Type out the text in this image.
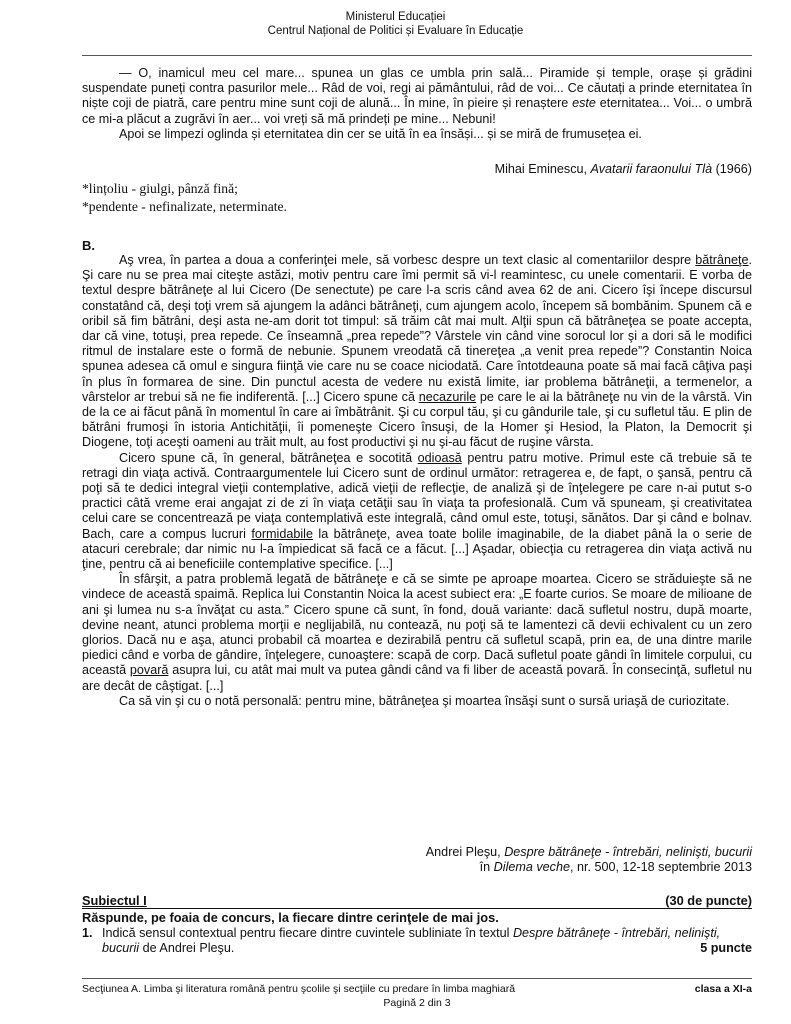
Ministerul Educației
Centrul Național de Politici și Evaluare în Educație

— O, inamicul meu cel mare... spunea un glas ce umbla prin sală... Piramide și temple, orașe și grădini suspendate puneți contra pasurilor mele... Râd de voi, regi ai pământului, râd de voi... Ce căutați a prinde eternitatea în niște coji de piatră, care pentru mine sunt coji de alună... În mine, în pieire și renaștere este eternitatea... Voi... o umbră ce mi-a plăcut a zugrăvi în aer... voi vreți să mă prindeți pe mine... Nebuni!

Apoi se limpezi oglinda și eternitatea din cer se uită în ea însăși... și se miră de frumusețea ei.

Mihai Eminescu, Avatarii faraonului Tlà (1966)
*lințoliu - giulgi, pânză fină;
*pendente - nefinalizate, neterminate.
B.

Aş vrea, în partea a doua a conferinţei mele, să vorbesc despre un text clasic al comentariilor despre bătrâneţe. Şi care nu se prea mai citeşte astăzi, motiv pentru care îmi permit să vi-l reamintesc, cu unele comentarii. E vorba de textul despre bătrâneţe al lui Cicero (De senectute) pe care l-a scris când avea 62 de ani. Cicero îşi începe discursul constatând că, deşi toţi vrem să ajungem la adânci bătrâneţi, cum ajungem acolo, începem să bombănim. Spunem că e oribil să fim bătrâni, deşi asta ne-am dorit tot timpul: să trăim cât mai mult. Alţii spun că bătrâneţea se poate accepta, dar că vine, totuşi, prea repede. Ce înseamnă „prea repede”? Vârstele vin când vine sorocul lor şi a dori să le modifici ritmul de instalare este o formă de nebunie. Spunem vreodată că tinereţea „a venit prea repede”? Constantin Noica spunea adesea că omul e singura fiinţă vie care nu se coace niciodată. Care întotdeauna poate să mai facă câţiva paşi în plus în formarea de sine. Din punctul acesta de vedere nu există limite, iar problema bătrâneţii, a termenelor, a vârstelor ar trebui să ne fie indiferentă. [...] Cicero spune că necazurile pe care le ai la bătrâneţe nu vin de la vârstă. Vin de la ce ai făcut până în momentul în care ai îmbătrânit. Şi cu corpul tău, şi cu gândurile tale, şi cu sufletul tău. E plin de bătrâni frumoşi în istoria Antichităţii, îi pomeneşte Cicero însuşi, de la Homer şi Hesiod, la Platon, la Democrit şi Diogene, toţi aceşti oameni au trăit mult, au fost productivi şi nu şi-au făcut de ruşine vârsta.

Cicero spune că, în general, bătrâneţea e socotită odioasă pentru patru motive. Primul este că trebuie să te retragi din viaţa activă. Contraargumentele lui Cicero sunt de ordinul următor: retragerea e, de fapt, o şansă, pentru că poţi să te dedici integral vieţii contemplative, adică vieţii de reflecţie, de analiză şi de înţelegere pe care n-ai putut s-o practici câtă vreme erai angajat zi de zi în viaţa cetăţii sau în viaţa ta profesională. Cum vă spuneam, şi creativitatea celui care se concentrează pe viaţa contemplativă este integrală, când omul este, totuşi, sănătos. Dar şi când e bolnav. Bach, care a compus lucruri formidabile la bătrâneţe, avea toate bolile imaginabile, de la diabet până la o serie de atacuri cerebrale; dar nimic nu l-a împiedicat să facă ce a făcut. [...] Aşadar, obiecţia cu retragerea din viaţa activă nu ţine, pentru că ai beneficiile contemplative specifice. [...]

În sfârşit, a patra problemă legată de bătrâneţe e că se simte pe aproape moartea. Cicero se străduieşte să ne vindece de această spaimă. Replica lui Constantin Noica la acest subiect era: „E foarte curios. Se moare de milioane de ani şi lumea nu s-a învăţat cu asta.” Cicero spune că sunt, în fond, două variante: dacă sufletul nostru, după moarte, devine neant, atunci problema morţii e neglijabilă, nu contează, nu poţi să te lamentezi că devii echivalent cu un zero glorios. Dacă nu e aşa, atunci probabil că moartea e dezirabilă pentru că sufletul scapă, prin ea, de una dintre marile piedici când e vorba de gândire, înţelegere, cunoaştere: scapă de corp. Dacă sufletul poate gândi în limitele corpului, cu această povară asupra lui, cu atât mai mult va putea gândi când va fi liber de această povară. În consecinţă, sufletul nu are decât de câştigat. [...]

Ca să vin şi cu o notă personală: pentru mine, bătrâneţea şi moartea însăşi sunt o sursă uriaşă de curiozitate.

Andrei Pleşu, Despre bătrâneţe - întrebări, nelinişti, bucurii
în Dilema veche, nr. 500, 12-18 septembrie 2013
Subiectul I	(30 de puncte)
Răspunde, pe foaia de concurs, la fiecare dintre cerinţele de mai jos.
1. Indică sensul contextual pentru fiecare dintre cuvintele subliniate în textul Despre bătrâneţe - întrebări, nelinişti, bucurii de Andrei Pleşu.	5 puncte
Secţiunea A. Limba şi literatura română pentru şcolile şi secţiile cu predare în limba maghiară	clasa a XI-a
Pagină 2 din 3
